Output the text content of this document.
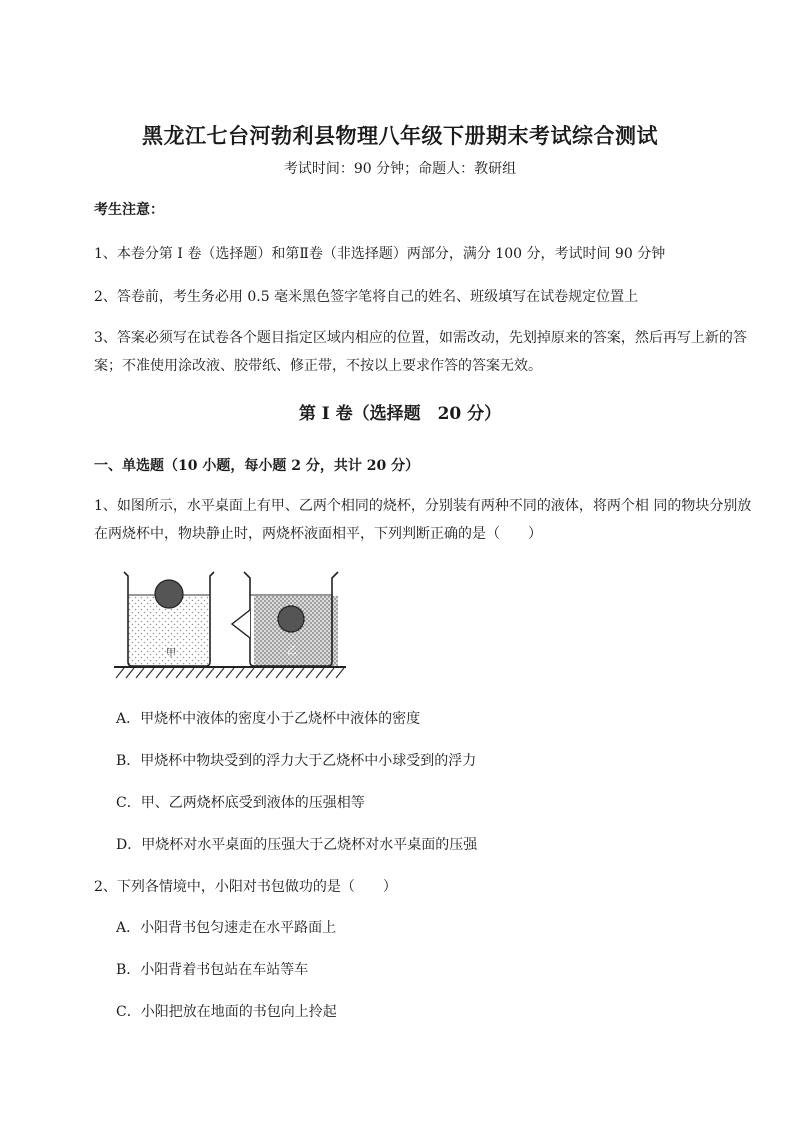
黑龙江七台河勃利县物理八年级下册期末考试综合测试
考试时间：90 分钟；命题人：教研组
考生注意：
1、本卷分第 I 卷（选择题）和第Ⅱ卷（非选择题）两部分，满分 100 分，考试时间 90 分钟
2、答卷前，考生务必用 0.5 毫米黑色签字笔将自己的姓名、班级填写在试卷规定位置上
3、答案必须写在试卷各个题目指定区域内相应的位置，如需改动，先划掉原来的答案，然后再写上新的答案；不准使用涂改液、胶带纸、修正带，不按以上要求作答的答案无效。
第 I 卷（选择题　20 分）
一、单选题（10 小题，每小题 2 分，共计 20 分）
1、如图所示，水平桌面上有甲、乙两个相同的烧杯，分别装有两种不同的液体，将两个相 同的物块分别放在两烧杯中，物块静止时，两烧杯液面相平，下列判断正确的是（　　）
甲	乙
A．甲烧杯中液体的密度小于乙烧杯中液体的密度
B．甲烧杯中物块受到的浮力大于乙烧杯中小球受到的浮力
C．甲、乙两烧杯底受到液体的压强相等
D．甲烧杯对水平桌面的压强大于乙烧杯对水平桌面的压强
2、下列各情境中，小阳对书包做功的是（　　）
A．小阳背书包匀速走在水平路面上
B．小阳背着书包站在车站等车
C．小阳把放在地面的书包向上拎起
